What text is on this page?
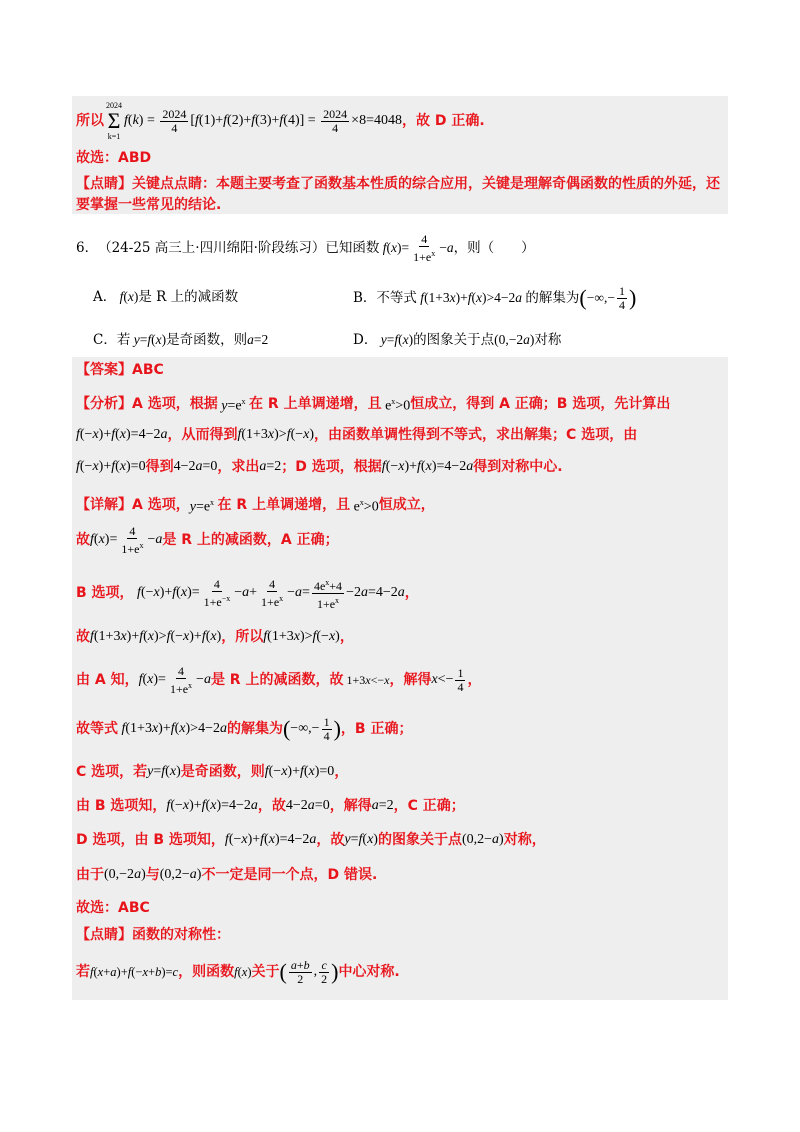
所以
2024
Σ
k=1
f ( k ) = $\frac{2024}{4}$ [ f (1)+ f (2)+ f (3)+ f $(4)] = \frac{2024}{4} \times 8=4048$ ，故 D 正确.
故选：ABD
【点睛】 关键点点睛：本题主要考查了函数基本性质的综合应用，关键是理解奇偶函数的性质的外延，还
要掌握一些常见的结论.
6． （24-25 高三上·四川绵阳·阶段练习）已知函数
f ( x )= $\frac{4}{1+e^x} - a$ ，则（　　）
A． f(x) 是 R 上的减函数	B．不等式 f(1+3x)+f(x)>4−2a 的解集为 ( −∞,− $\frac{1}{4}$ )
C．若 y=f(x) 是奇函数，则 a=2	D． y=f(x) 的图象关于点 (0,−2a) 对称
【答案】ABC
【分析】 A 选项，根据 $y=e^x$ 在 R 上单调递增，且 $e^x>0$ 恒成立，得到 A 正确；B 选项，先计算出
f(−x)+f(x)=4−2a ，从而得到 f(1+3x)>f(−x) ，由函数单调性得到不等式，求出解集；C 选项，由
f(−x)+f(x)=0 得到 4−2a=0 ，求出 a=2 ；D 选项，根据 f(−x)+f(x)=4−2a 得到对称中心.
【详解】 A 选项， $y=e^x$ 在 R 上单调递增，且 $e^x>0$ 恒成立，
故 f ( x )= $\frac{4}{1+e^x} - a$ 是 R 上的减函数，A 正确；
B 选项，
f (− x )+ f ( x )= $\frac{4}{1+e^{-x}} - a + \frac{4}{1+e^x} - a = \frac{4e^x+4}{1+e^x} -2$ a =4−2 a ，
故 f(1+3x)+f(x)>f(−x)+f(x) ，所以 f(1+3x)>f(−x) ，
由 A 知， f ( x )= $\frac{4}{1+e^x} - a$ 是 R 上的减函数，故 1+3x<−x ，解得 $x <- \frac{1}{4}$ ，
故等式 f(1+3x)+f(x)>4−2a 的解集为 ( −∞,− $\frac{1}{4}$ ) ，B 正确；
C 选项，若 y=f(x) 是奇函数，则 f(−x)+f(x)=0 ，
由 B 选项知， f(−x)+f(x)=4−2a ，故 4−2a=0 ，解得 a=2 ，C 正确；
D 选项，由 B 选项知， f(−x)+f(x)=4−2a ，故 y=f(x) 的图象关于点 (0,2−a) 对称，
由于 (0,−2a) 与 (0,2−a) 不一定是同一个点，D 错误.
故选：ABC
【点睛】 函数的对称性：
若 f(x+a)+f(−x+b)=c ，则函数 f(x) 关于 ( $\frac{a+b}{2}$ , $\frac{c}{2}$ ) 中心对称.
